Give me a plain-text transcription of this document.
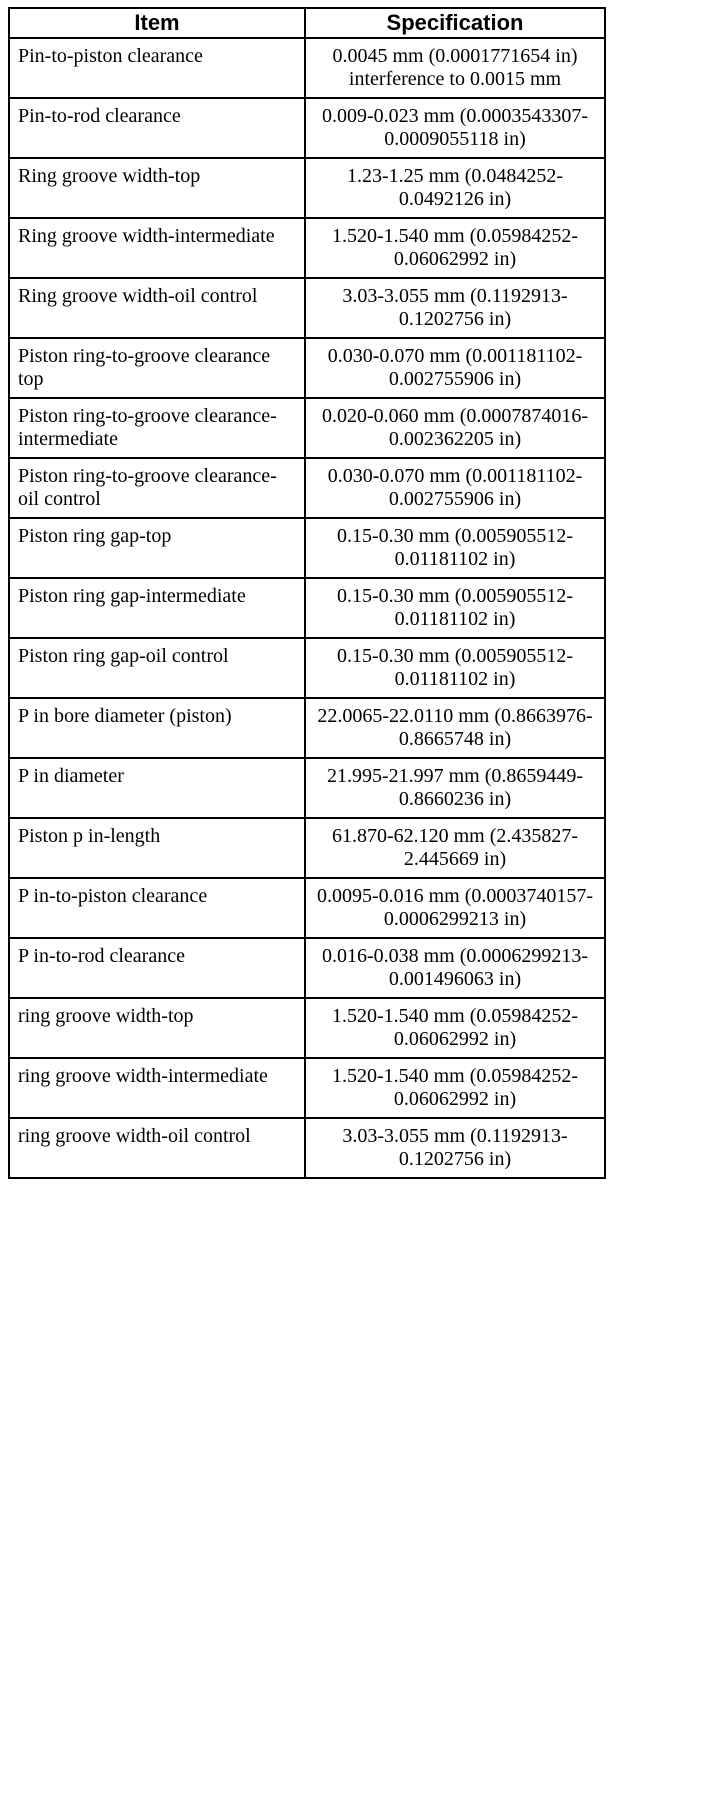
Item	Specification
Pin-to-piston clearance	0.0045 mm (0.0001771654 in) interference to 0.0015 mm
Pin-to-rod clearance	0.009-0.023 mm (0.0003543307-0.0009055118 in)
Ring groove width-top	1.23-1.25 mm (0.0484252-0.0492126 in)
Ring groove width-intermediate	1.520-1.540 mm (0.05984252-0.06062992 in)
Ring groove width-oil control	3.03-3.055 mm (0.1192913-0.1202756 in)
Piston ring-to-groove clearance top	0.030-0.070 mm (0.001181102-0.002755906 in)
Piston ring-to-groove clearance-intermediate	0.020-0.060 mm (0.0007874016-0.002362205 in)
Piston ring-to-groove clearance-oil control	0.030-0.070 mm (0.001181102-0.002755906 in)
Piston ring gap-top	0.15-0.30 mm (0.005905512-0.01181102 in)
Piston ring gap-intermediate	0.15-0.30 mm (0.005905512-0.01181102 in)
Piston ring gap-oil control	0.15-0.30 mm (0.005905512-0.01181102 in)
P in bore diameter (piston)	22.0065-22.0110 mm (0.8663976-0.8665748 in)
P in diameter	21.995-21.997 mm (0.8659449-0.8660236 in)
Piston p in-length	61.870-62.120 mm (2.435827-2.445669 in)
P in-to-piston clearance	0.0095-0.016 mm (0.0003740157-0.0006299213 in)
P in-to-rod clearance	0.016-0.038 mm (0.0006299213-0.001496063 in)
ring groove width-top	1.520-1.540 mm (0.05984252-0.06062992 in)
ring groove width-intermediate	1.520-1.540 mm (0.05984252-0.06062992 in)
ring groove width-oil control	3.03-3.055 mm (0.1192913-0.1202756 in)
